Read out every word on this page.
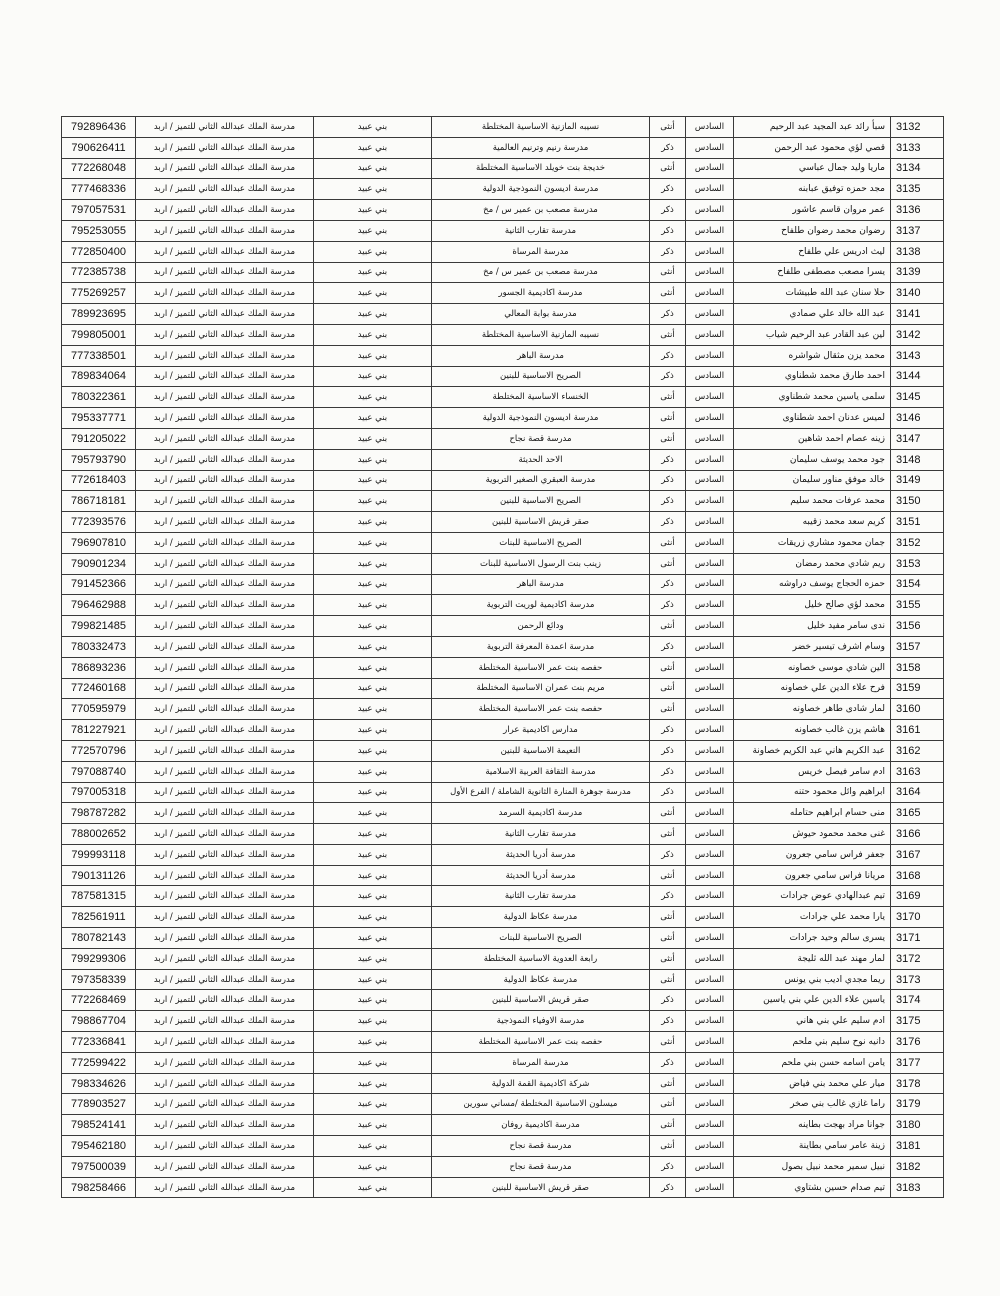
792896436	مدرسة الملك عبدالله الثاني للتميز / اربد	بني عبيد	نسيبه المازنية الاساسية المختلطة	أنثى	السادس	سبأ رائد عبد المجيد عبد الرحيم	3132
790626411	مدرسة الملك عبدالله الثاني للتميز / اربد	بني عبيد	مدرسة رنيم وترنيم العالمية	ذكر	السادس	قصي لؤي محمود عبد الرحمن	3133
772268048	مدرسة الملك عبدالله الثاني للتميز / اربد	بني عبيد	خديجة بنت خويلد الاساسية المختلطة	أنثى	السادس	ماريا وليد جمال عباسي	3134
777468336	مدرسة الملك عبدالله الثاني للتميز / اربد	بني عبيد	مدرسة اديسون النموذجية الدولية	ذكر	السادس	مجد حمزه توفيق عبابنه	3135
797057531	مدرسة الملك عبدالله الثاني للتميز / اربد	بني عبيد	مدرسة مصعب بن عمير س / مخ	ذكر	السادس	عمر مروان قاسم عاشور	3136
795253055	مدرسة الملك عبدالله الثاني للتميز / اربد	بني عبيد	مدرسة تقارب الثانية	ذكر	السادس	رضوان محمد رضوان طلفاح	3137
772850400	مدرسة الملك عبدالله الثاني للتميز / اربد	بني عبيد	مدرسة المرساة	ذكر	السادس	ليث ادريس علي طلفاح	3138
772385738	مدرسة الملك عبدالله الثاني للتميز / اربد	بني عبيد	مدرسة مصعب بن عمير س / مخ	أنثى	السادس	يسرا مصعب مصطفى طلفاح	3139
775269257	مدرسة الملك عبدالله الثاني للتميز / اربد	بني عبيد	مدرسة اكاديمية الجسور	أنثى	السادس	حلا سنان عبد الله طبيشات	3140
789923695	مدرسة الملك عبدالله الثاني للتميز / اربد	بني عبيد	مدرسة بوابة المعالي	ذكر	السادس	عبد الله خالد علي صمادي	3141
799805001	مدرسة الملك عبدالله الثاني للتميز / اربد	بني عبيد	نسيبه المازنية الاساسية المختلطة	أنثى	السادس	لين عبد القادر عبد الرحيم شياب	3142
777338501	مدرسة الملك عبدالله الثاني للتميز / اربد	بني عبيد	مدرسة الباهر	ذكر	السادس	محمد يزن مثقال شواشره	3143
789834064	مدرسة الملك عبدالله الثاني للتميز / اربد	بني عبيد	الصريح الاساسية للبنين	ذكر	السادس	احمد طارق محمد شطناوي	3144
780322361	مدرسة الملك عبدالله الثاني للتميز / اربد	بني عبيد	الخنساء الاساسية المختلطة	أنثى	السادس	سلمى ياسين محمد شطناوي	3145
795337771	مدرسة الملك عبدالله الثاني للتميز / اربد	بني عبيد	مدرسة اديسون النموذجية الدولية	أنثى	السادس	لميس عدنان احمد شطناوى	3146
791205022	مدرسة الملك عبدالله الثاني للتميز / اربد	بني عبيد	مدرسة قصة نجاح	أنثى	السادس	زينه عصام احمد شاهين	3147
795793790	مدرسة الملك عبدالله الثاني للتميز / اربد	بني عبيد	الاحد الحديثة	ذكر	السادس	جود محمد يوسف سليمان	3148
772618403	مدرسة الملك عبدالله الثاني للتميز / اربد	بني عبيد	مدرسة العبقري الصغير التربوية	ذكر	السادس	خالد موفق مناور سليمان	3149
786718181	مدرسة الملك عبدالله الثاني للتميز / اربد	بني عبيد	الصريح الاساسية للبنين	ذكر	السادس	محمد عرفات محمد سليم	3150
772393576	مدرسة الملك عبدالله الثاني للتميز / اربد	بني عبيد	صقر قريش الاساسية للبنين	ذكر	السادس	كريم سعد محمد زقيبه	3151
796907810	مدرسة الملك عبدالله الثاني للتميز / اربد	بني عبيد	الصريح الاساسية للبنات	أنثى	السادس	جمان محمود مشاري زريقات	3152
790901234	مدرسة الملك عبدالله الثاني للتميز / اربد	بني عبيد	زينب بنت الرسول الاساسية للبنات	أنثى	السادس	ريم شادي محمد رمضان	3153
791452366	مدرسة الملك عبدالله الثاني للتميز / اربد	بني عبيد	مدرسة الباهر	ذكر	السادس	حمزه الحجاج يوسف دراوشه	3154
796462988	مدرسة الملك عبدالله الثاني للتميز / اربد	بني عبيد	مدرسة اكاديمية لوريت التربوية	ذكر	السادس	محمد لؤي صالح خليل	3155
799821485	مدرسة الملك عبدالله الثاني للتميز / اربد	بني عبيد	ودائع الرحمن	أنثى	السادس	ندى سامر مفيد خليل	3156
780332473	مدرسة الملك عبدالله الثاني للتميز / اربد	بني عبيد	مدرسة اعمدة المعرفة التربوية	ذكر	السادس	وسام اشرف تيسير خضر	3157
786893236	مدرسة الملك عبدالله الثاني للتميز / اربد	بني عبيد	حفصه بنت عمر الاساسية المختلطة	أنثى	السادس	الين شادي موسى خصاونه	3158
772460168	مدرسة الملك عبدالله الثاني للتميز / اربد	بني عبيد	مريم بنت عمران الاساسية المختلطة	أنثى	السادس	فرح علاء الدين علي خصاونه	3159
770595979	مدرسة الملك عبدالله الثاني للتميز / اربد	بني عبيد	حفصه بنت عمر الاساسية المختلطة	أنثى	السادس	لمار شادى طاهر خصاونه	3160
781227921	مدرسة الملك عبدالله الثاني للتميز / اربد	بني عبيد	مدارس اكاديمية عرار	ذكر	السادس	هاشم يزن غالب خصاونه	3161
772570796	مدرسة الملك عبدالله الثاني للتميز / اربد	بني عبيد	النعيمة الاساسية للبنين	ذكر	السادس	عبد الكريم هاني عبد الكريم خصاونة	3162
797088740	مدرسة الملك عبدالله الثاني للتميز / اربد	بني عبيد	مدرسة الثقافة العربية الاسلامية	ذكر	السادس	ادم سامر فيصل خريس	3163
797005318	مدرسة الملك عبدالله الثاني للتميز / اربد	بني عبيد	مدرسة جوهرة المنارة الثانوية الشاملة / الفرع الأول	ذكر	السادس	ابراهيم وائل محمود حتنه	3164
798787282	مدرسة الملك عبدالله الثاني للتميز / اربد	بني عبيد	مدرسة اكاديمية السرمد	أنثى	السادس	منى حسام ابراهيم حتامله	3165
788002652	مدرسة الملك عبدالله الثاني للتميز / اربد	بني عبيد	مدرسة تقارب الثانية	أنثى	السادس	غنى محمد محمود حيوش	3166
799993118	مدرسة الملك عبدالله الثاني للتميز / اربد	بني عبيد	مدرسة أدريا الحديثة	ذكر	السادس	جعفر فراس سامي جعرون	3167
790131126	مدرسة الملك عبدالله الثاني للتميز / اربد	بني عبيد	مدرسة أدريا الحديثة	أنثى	السادس	مريانا فراس سامي جعرون	3168
787581315	مدرسة الملك عبدالله الثاني للتميز / اربد	بني عبيد	مدرسة تقارب الثانية	ذكر	السادس	تيم عبدالهادي عوض جرادات	3169
782561911	مدرسة الملك عبدالله الثاني للتميز / اربد	بني عبيد	مدرسة عكاظ الدولية	أنثى	السادس	يارا محمد علي جرادات	3170
780782143	مدرسة الملك عبدالله الثاني للتميز / اربد	بني عبيد	الصريح الاساسية للبنات	أنثى	السادس	يسرى سالم وحيد جرادات	3171
799299306	مدرسة الملك عبدالله الثاني للتميز / اربد	بني عبيد	رابعة العدوية الاساسية المختلطة	أنثى	السادس	لمار مهند عبد الله ثليجة	3172
797358339	مدرسة الملك عبدالله الثاني للتميز / اربد	بني عبيد	مدرسة عكاظ الدولية	أنثى	السادس	ريما مجدي اديب بني يونس	3173
772268469	مدرسة الملك عبدالله الثاني للتميز / اربد	بني عبيد	صقر قريش الاساسية للبنين	ذكر	السادس	ياسين علاء الدين علي بني ياسين	3174
798867704	مدرسة الملك عبدالله الثاني للتميز / اربد	بني عبيد	مدرسة الاوفياء النموذجية	ذكر	السادس	ادم سليم علي بني هاني	3175
772336841	مدرسة الملك عبدالله الثاني للتميز / اربد	بني عبيد	حفصه بنت عمر الاساسية المختلطة	أنثى	السادس	دانيه نوح سليم بني ملحم	3176
772599422	مدرسة الملك عبدالله الثاني للتميز / اربد	بني عبيد	مدرسة المرساة	ذكر	السادس	يامن اسامه حسن بني ملحم	3177
798334626	مدرسة الملك عبدالله الثاني للتميز / اربد	بني عبيد	شركة اكاديمية القمة الدولية	أنثى	السادس	ميار علي محمد بني فياض	3178
778903527	مدرسة الملك عبدالله الثاني للتميز / اربد	بني عبيد	ميسلون الاساسية المختلطة /مساني سورين	أنثى	السادس	راما غازي غالب بني صخر	3179
798524141	مدرسة الملك عبدالله الثاني للتميز / اربد	بني عبيد	مدرسة اكاديمية روفان	أنثى	السادس	جوانا مراد بهجت بطاينه	3180
795462180	مدرسة الملك عبدالله الثاني للتميز / اربد	بني عبيد	مدرسة قصة نجاح	أنثى	السادس	زينة عامر سامي بطاينة	3181
797500039	مدرسة الملك عبدالله الثاني للتميز / اربد	بني عبيد	مدرسة قصة نجاح	ذكر	السادس	نبيل سمير محمد نبيل بصول	3182
798258466	مدرسة الملك عبدالله الثاني للتميز / اربد	بني عبيد	صقر قريش الاساسية للبنين	ذكر	السادس	تيم صدام حسين بشتاوي	3183
